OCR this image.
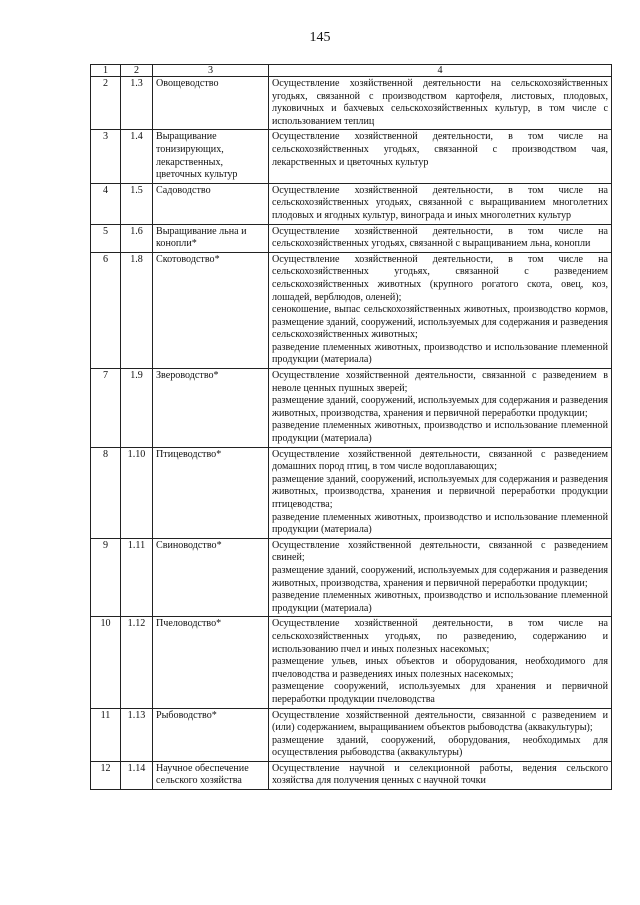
145
1	2	3	4
2	1.3	Овощеводство	Осуществление хозяйственной деятельности на сельскохозяйственных угодьях, связанной с производством картофеля, листовых, плодовых, луковичных и бахчевых сельскохозяйственных культур, в том числе с использованием теплиц

3	1.4	Выращивание тонизирующих, лекарственных, цветочных культур	Осуществление хозяйственной деятельности, в том числе на сельскохозяйственных угодьях, связанной с производством чая, лекарственных и цветочных культур

4	1.5	Садоводство	Осуществление хозяйственной деятельности, в том числе на сельскохозяйственных угодьях, связанной с выращиванием многолетних плодовых и ягодных культур, винограда и иных многолетних культур

5	1.6	Выращивание льна и конопли*	Осуществление хозяйственной деятельности, в том числе на сельскохозяйственных угодьях, связанной с выращиванием льна, конопли

6	1.8	Скотоводство*	Осуществление хозяйственной деятельности, в том числе на сельскохозяйственных угодьях, связанной с разведением сельскохозяйственных животных (крупного рогатого скота, овец, коз, лошадей, верблюдов, оленей);
сенокошение, выпас сельскохозяйственных животных, производство кормов, размещение зданий, сооружений, используемых для содержания и разведения сельскохозяйственных животных;
разведение племенных животных, производство и использование племенной продукции (материала)

7	1.9	Звероводство*	Осуществление хозяйственной деятельности, связанной с разведением в неволе ценных пушных зверей;
размещение зданий, сооружений, используемых для содержания и разведения животных, производства, хранения и первичной переработки продукции;
разведение племенных животных, производство и использование племенной продукции (материала)

8	1.10	Птицеводство*	Осуществление хозяйственной деятельности, связанной с разведением домашних пород птиц, в том числе водоплавающих;
размещение зданий, сооружений, используемых для содержания и разведения животных, производства, хранения и первичной переработки продукции птицеводства;
разведение племенных животных, производство и использование племенной продукции (материала)

9	1.11	Свиноводство*	Осуществление хозяйственной деятельности, связанной с разведением свиней;
размещение зданий, сооружений, используемых для содержания и разведения животных, производства, хранения и первичной переработки продукции;
разведение племенных животных, производство и использование племенной продукции (материала)

10	1.12	Пчеловодство*	Осуществление хозяйственной деятельности, в том числе на сельскохозяйственных угодьях, по разведению, содержанию и использованию пчел и иных полезных насекомых;
размещение ульев, иных объектов и оборудования, необходимого для пчеловодства и разведениях иных полезных насекомых;
размещение сооружений, используемых для хранения и первичной переработки продукции пчеловодства

11	1.13	Рыбоводство*	Осуществление хозяйственной деятельности, связанной с разведением и (или) содержанием, выращиванием объектов рыбоводства (аквакультуры);
размещение зданий, сооружений, оборудования, необходимых для осуществления рыбоводства (аквакультуры)

12	1.14	Научное обеспечение сельского хозяйства	Осуществление научной и селекционной работы, ведения сельского хозяйства для получения ценных с научной точки
